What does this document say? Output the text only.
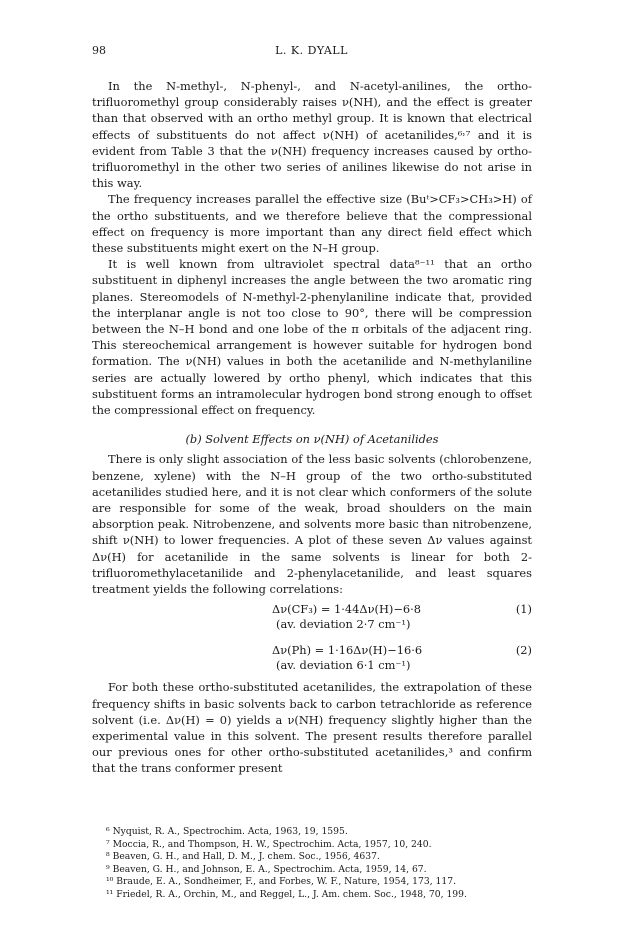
98	L. K. DYALL

In the N-methyl-, N-phenyl-, and N-acetyl-anilines, the ortho-trifluoromethyl group considerably raises ν(NH), and the effect is greater than that observed with an ortho methyl group. It is known that electrical effects of substituents do not affect ν(NH) of acetanilides,⁶˒⁷ and it is evident from Table 3 that the ν(NH) frequency increases caused by ortho-trifluoromethyl in the other two series of anilines likewise do not arise in this way.

The frequency increases parallel the effective size (Buᵗ>CF₃>CH₃>H) of the ortho substituents, and we therefore believe that the compressional effect on frequency is more important than any direct field effect which these substituents might exert on the N–H group.

It is well known from ultraviolet spectral data⁸⁻¹¹ that an ortho substituent in diphenyl increases the angle between the two aromatic ring planes. Stereomodels of N-methyl-2-phenylaniline indicate that, provided the interplanar angle is not too close to 90°, there will be compression between the N–H bond and one lobe of the π orbitals of the adjacent ring. This stereochemical arrangement is however suitable for hydrogen bond formation. The ν(NH) values in both the acetanilide and N-methylaniline series are actually lowered by ortho phenyl, which indicates that this substituent forms an intramolecular hydrogen bond strong enough to offset the compressional effect on frequency.

(b) Solvent Effects on ν(NH) of Acetanilides

There is only slight association of the less basic solvents (chlorobenzene, benzene, xylene) with the N–H group of the two ortho-substituted acetanilides studied here, and it is not clear which conformers of the solute are responsible for some of the weak, broad shoulders on the main absorption peak. Nitrobenzene, and solvents more basic than nitrobenzene, shift ν(NH) to lower frequencies. A plot of these seven Δν values against Δν(H) for acetanilide in the same solvents is linear for both 2-trifluoromethylacetanilide and 2-phenylacetanilide, and least squares treatment yields the following correlations:

Δν(CF₃) = 1·44Δν(H)−6·8	(1)
(av. deviation 2·7 cm⁻¹)
Δν(Ph) = 1·16Δν(H)−16·6	(2)
(av. deviation 6·1 cm⁻¹)

For both these ortho-substituted acetanilides, the extrapolation of these frequency shifts in basic solvents back to carbon tetrachloride as reference solvent (i.e. Δν(H) = 0) yields a ν(NH) frequency slightly higher than the experimental value in this solvent. The present results therefore parallel our previous ones for other ortho-substituted acetanilides,³ and confirm that the trans conformer present

⁶ Nyquist, R. A., Spectrochim. Acta, 1963, 19, 1595.
⁷ Moccia, R., and Thompson, H. W., Spectrochim. Acta, 1957, 10, 240.
⁸ Beaven, G. H., and Hall, D. M., J. chem. Soc., 1956, 4637.
⁹ Beaven, G. H., and Johnson, E. A., Spectrochim. Acta, 1959, 14, 67.
¹⁰ Braude, E. A., Sondheimer, F., and Forbes, W. F., Nature, 1954, 173, 117.
¹¹ Friedel, R. A., Orchin, M., and Reggel, L., J. Am. chem. Soc., 1948, 70, 199.
